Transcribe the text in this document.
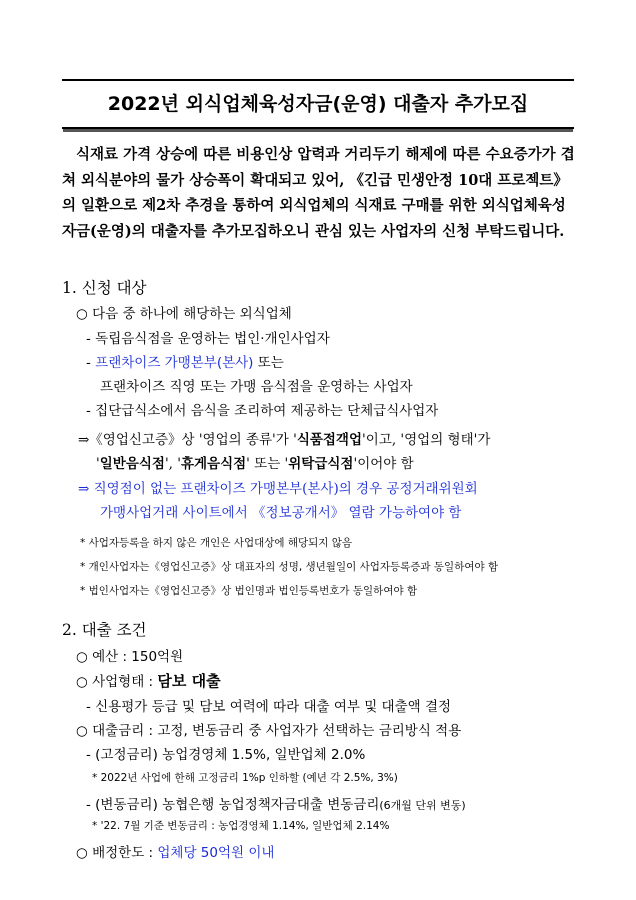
2022년 외식업체육성자금(운영) 대출자 추가모집
식재료 가격 상승에 따른 비용인상 압력과 거리두기 해제에 따른 수요증가가 겹쳐 외식분야의 물가 상승폭이 확대되고 있어, 《긴급 민생안정 10대 프로젝트》의 일환으로 제2차 추경을 통하여 외식업체의 식재료 구매를 위한 외식업체육성자금(운영)의 대출자를 추가모집하오니 관심 있는 사업자의 신청 부탁드립니다.
1. 신청 대상
○ 다음 중 하나에 해당하는 외식업체
- 독립음식점을 운영하는 법인·개인사업자
- 프랜차이즈 가맹본부(본사) 또는
프랜차이즈 직영 또는 가맹 음식점을 운영하는 사업자
- 집단급식소에서 음식을 조리하여 제공하는 단체급식사업자
⇒《영업신고증》상 '영업의 종류'가 '식품접객업'이고, '영업의 형태'가
'일반음식점', '휴게음식점' 또는 '위탁급식점'이어야 함
⇒ 직영점이 없는 프랜차이즈 가맹본부(본사)의 경우 공정거래위원회
가맹사업거래 사이트에서 《정보공개서》 열람 가능하여야 함
* 사업자등록을 하지 않은 개인은 사업대상에 해당되지 않음
* 개인사업자는《영업신고증》상 대표자의 성명, 생년월일이 사업자등록증과 동일하여야 함
* 법인사업자는《영업신고증》상 법인명과 법인등록번호가 동일하여야 함
2. 대출 조건
○ 예산 : 150억원
○ 사업형태 : 담보 대출
- 신용평가 등급 및 담보 여력에 따라 대출 여부 및 대출액 결정
○ 대출금리 : 고정, 변동금리 중 사업자가 선택하는 금리방식 적용
- (고정금리) 농업경영체 1.5%, 일반업체 2.0%
* 2022년 사업에 한해 고정금리 1%p 인하할 (예년 각 2.5%, 3%)
- (변동금리) 농협은행 농업정책자금대출 변동금리(6개월 단위 변동)
* '22. 7월 기준 변동금리 : 농업경영체 1.14%, 일반업체 2.14%
○ 배정한도 : 업체당 50억원 이내
